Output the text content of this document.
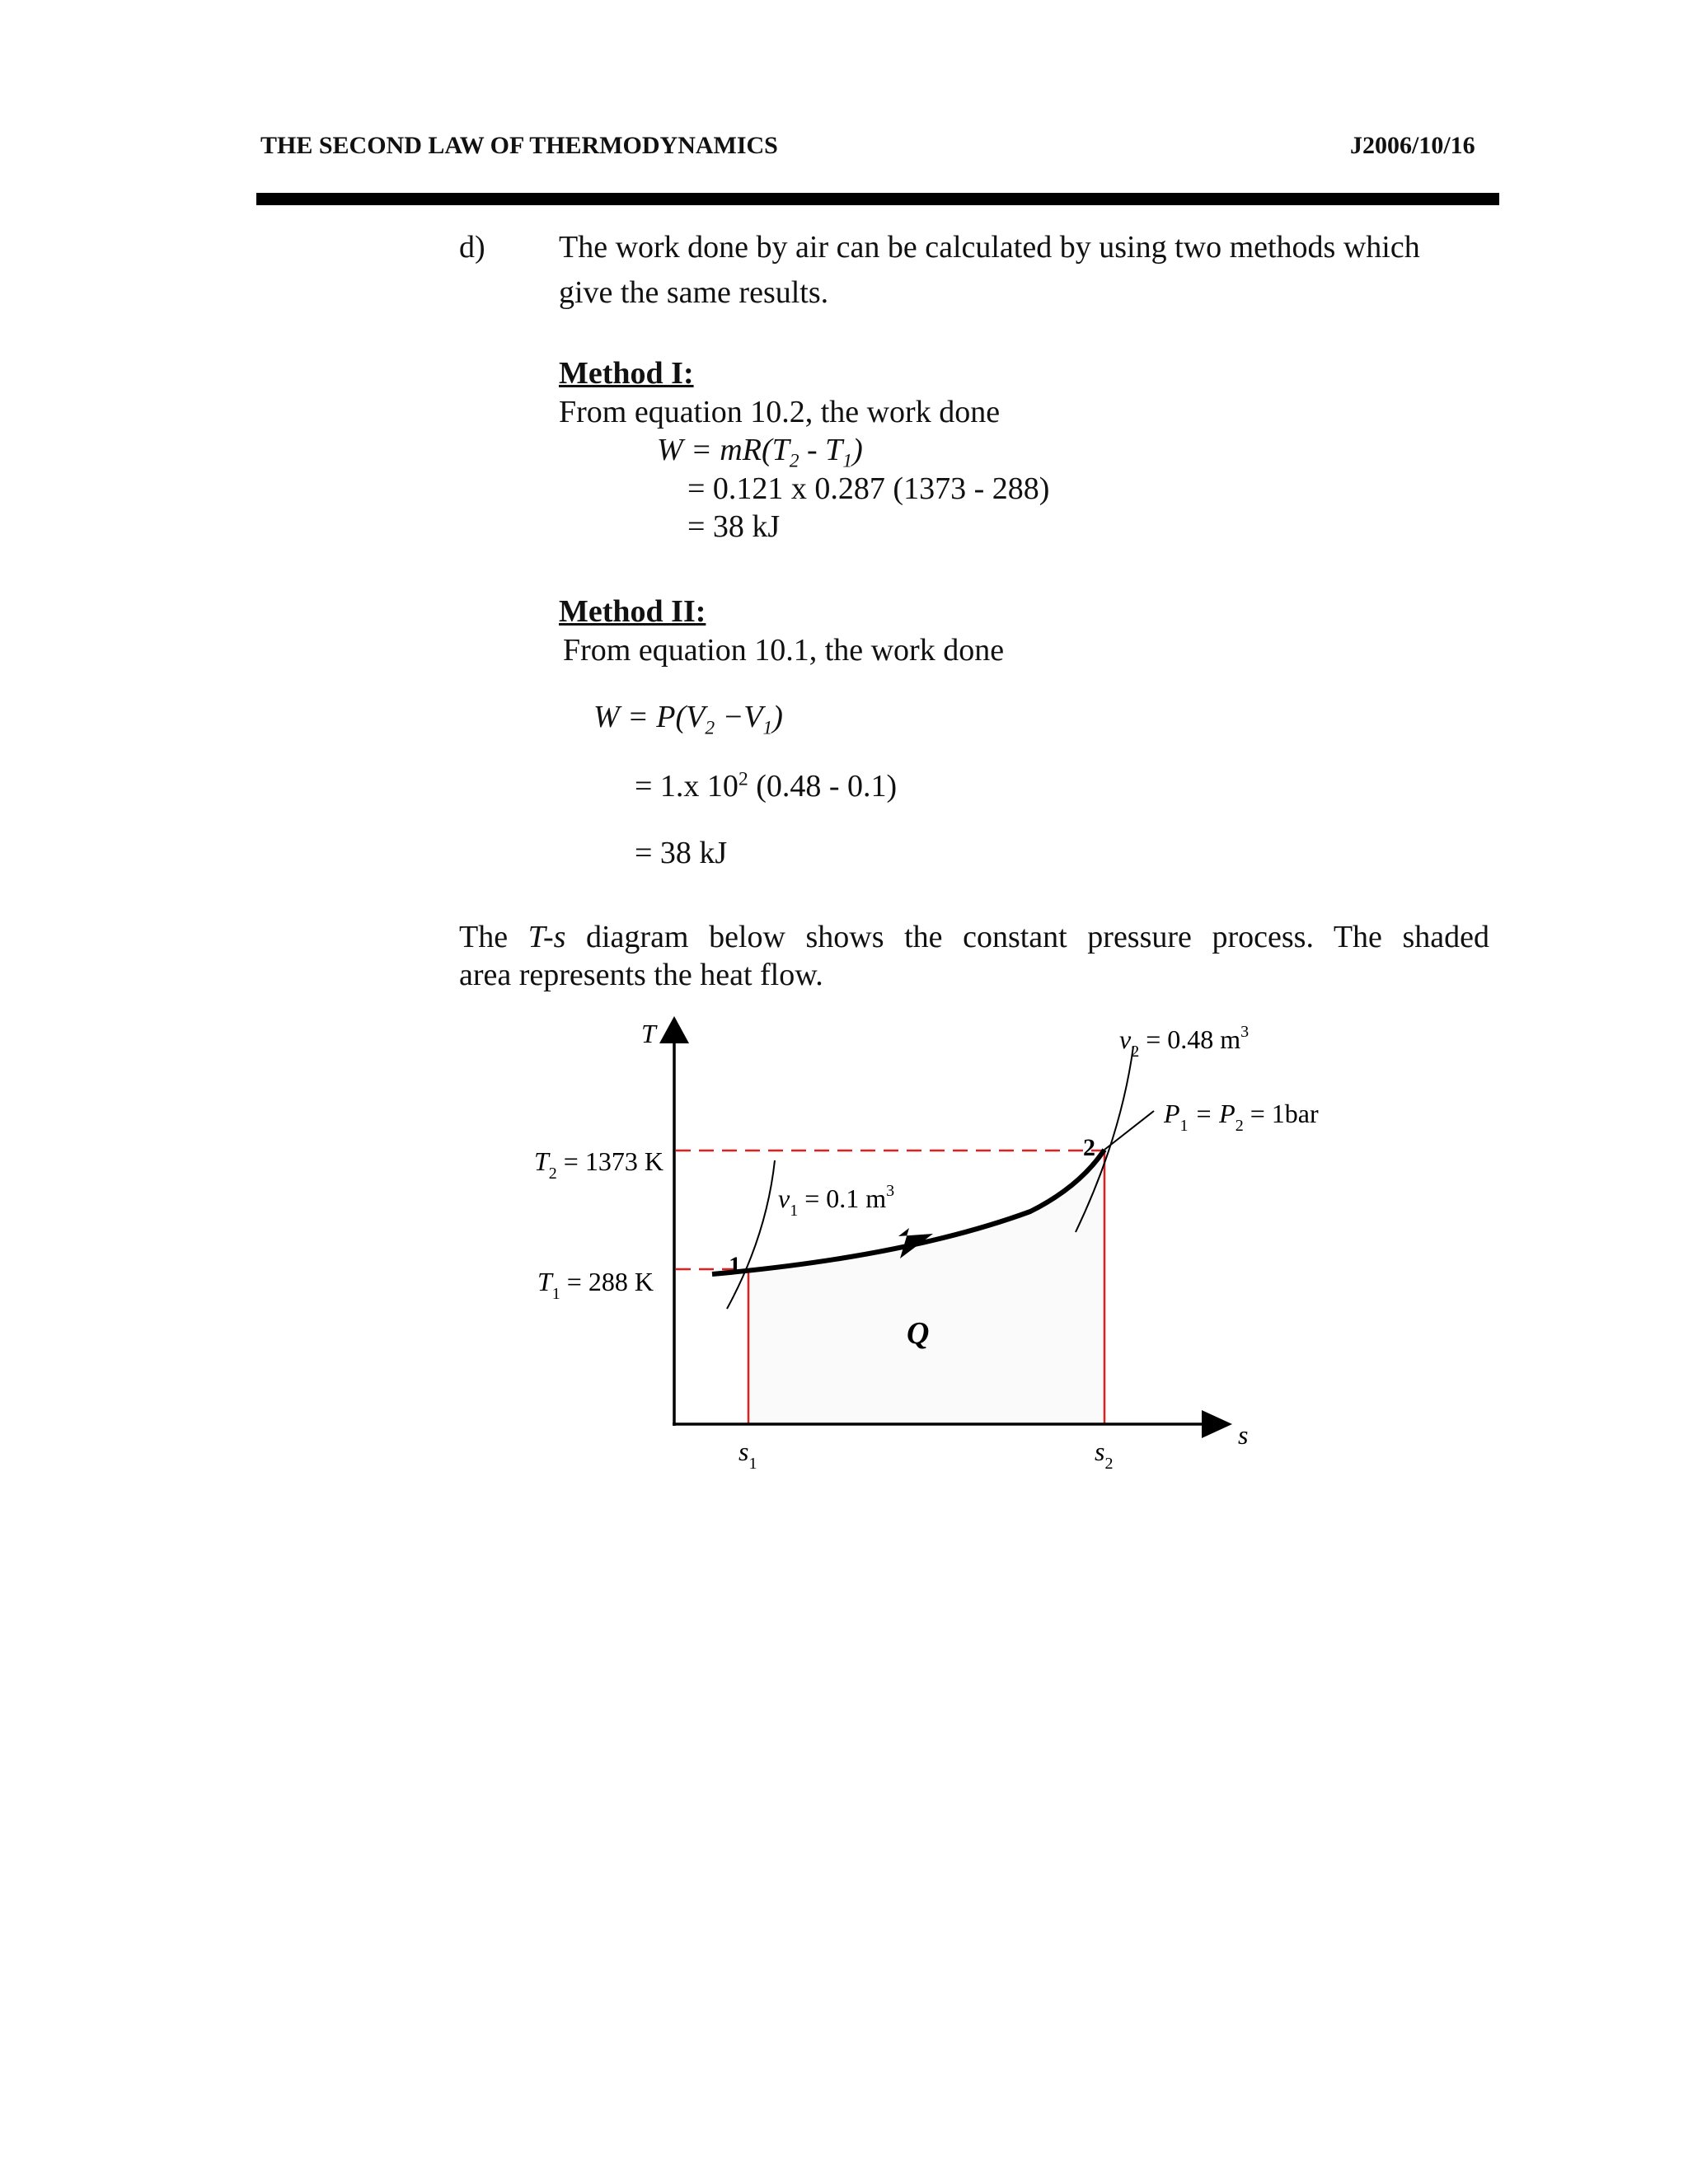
THE SECOND LAW OF THERMODYNAMICS	J2006/10/16
d) The work done by air can be calculated by using two methods which
give the same results.
Method I:
From equation 10.2, the work done
$W = mR(T_2 - T_1)$
= 0.121 x 0.287 (1373 - 288)
= 38 kJ
Method II:
From equation 10.1, the work done
$W = P(V_2 -V_1)$
= 1.x $10^2$ (0.48 - 0.1)
= 38 kJ
The T-s diagram below shows the constant pressure process. The shaded
area represents the heat flow.
T
s
$T_2 = 1373$ K
$T_1 = 288$ K
$v_1 = 0.1$ $m^3$
$v_2 = 0.48$ $m^3$
$P_1 = P_2 = 1bar$
1
2
Q
$s_1$	$s_2$
